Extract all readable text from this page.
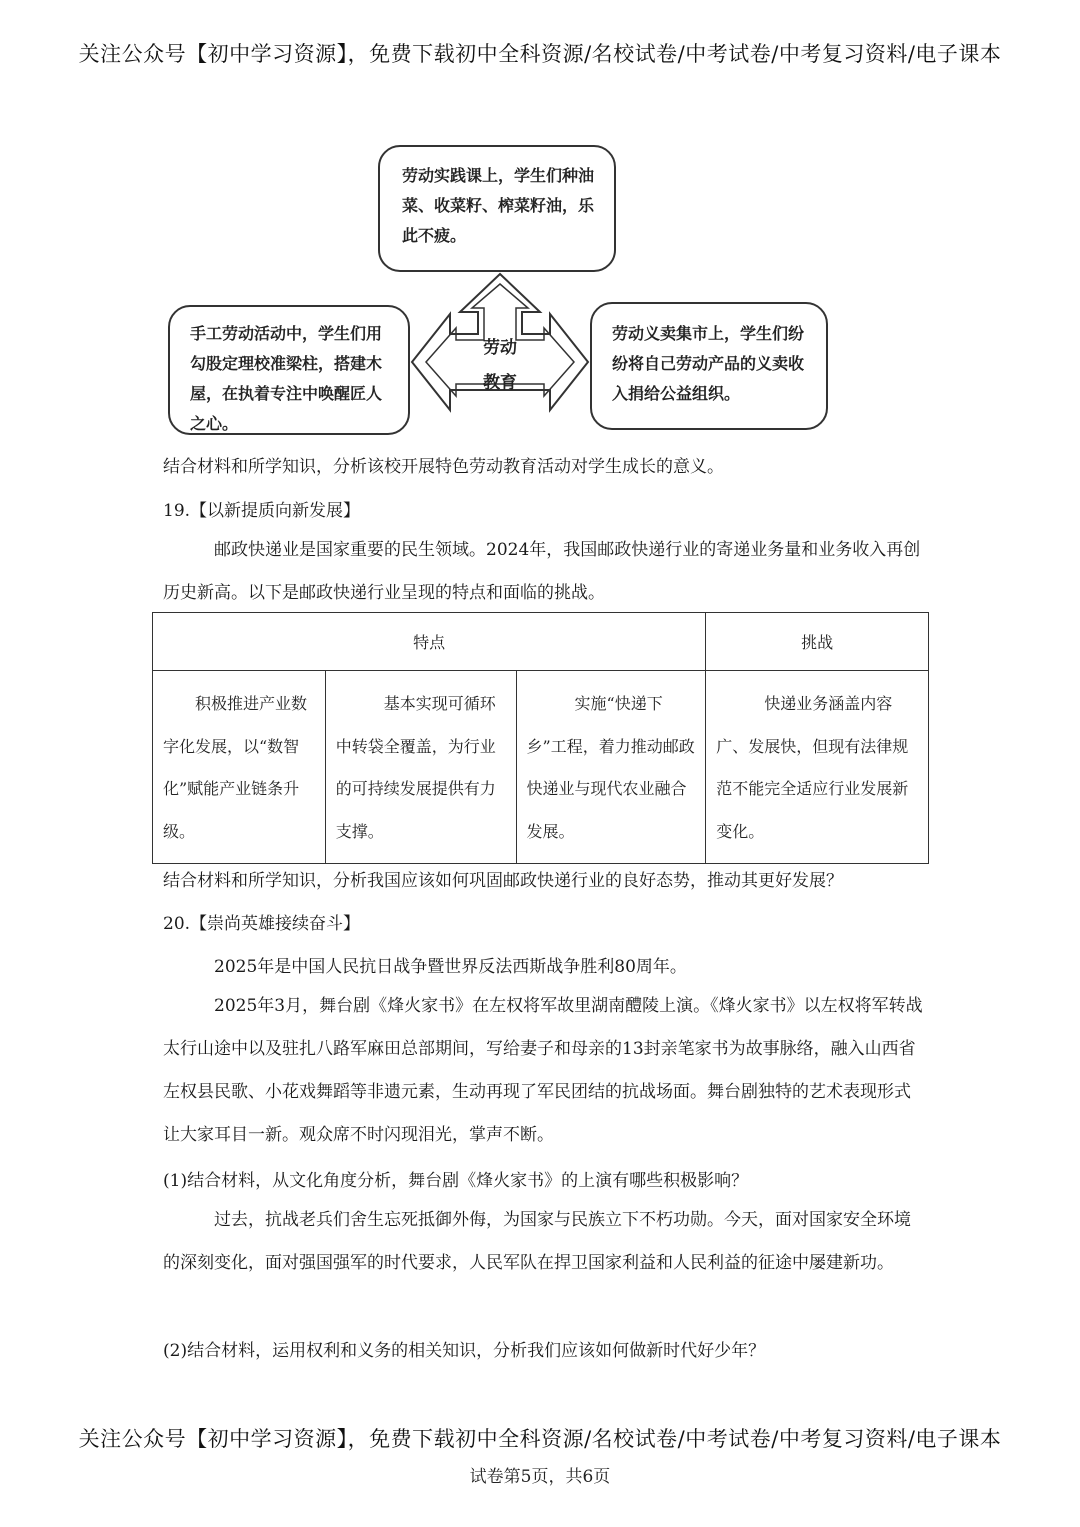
关注公众号【初中学习资源】，免费下载初中全科资源/名校试卷/中考试卷/中考复习资料/电子课本
劳动实践课上，学生们种油菜、收菜籽、榨菜籽油，乐此不疲。
手工劳动活动中，学生们用勾股定理校准梁柱，搭建木屋，在执着专注中唤醒匠人之心。
劳动义卖集市上，学生们纷纷将自己劳动产品的义卖收入捐给公益组织。
劳动
教育
结合材料和所学知识，分析该校开展特色劳动教育活动对学生成长的意义。
19.【以新提质向新发展】
邮政快递业是国家重要的民生领域。2024年，我国邮政快递行业的寄递业务量和业务收入再创历史新高。以下是邮政快递行业呈现的特点和面临的挑战。
特点			挑战
积极推进产业数字化发展，以“数智化”赋能产业链条升级。	基本实现可循环中转袋全覆盖，为行业的可持续发展提供有力支撑。	实施“快递下乡”工程，着力推动邮政快递业与现代农业融合发展。	快递业务涵盖内容广、发展快，但现有法律规范不能完全适应行业发展新变化。
结合材料和所学知识，分析我国应该如何巩固邮政快递行业的良好态势，推动其更好发展？
20.【崇尚英雄接续奋斗】
2025年是中国人民抗日战争暨世界反法西斯战争胜利80周年。
2025年3月，舞台剧《烽火家书》在左权将军故里湖南醴陵上演。《烽火家书》以左权将军转战太行山途中以及驻扎八路军麻田总部期间，写给妻子和母亲的13封亲笔家书为故事脉络，融入山西省左权县民歌、小花戏舞蹈等非遗元素，生动再现了军民团结的抗战场面。舞台剧独特的艺术表现形式让大家耳目一新。观众席不时闪现泪光，掌声不断。
(1)结合材料，从文化角度分析，舞台剧《烽火家书》的上演有哪些积极影响？
过去，抗战老兵们舍生忘死抵御外侮，为国家与民族立下不朽功勋。今天，面对国家安全环境的深刻变化，面对强国强军的时代要求，人民军队在捍卫国家利益和人民利益的征途中屡建新功。
(2)结合材料，运用权利和义务的相关知识，分析我们应该如何做新时代好少年？
关注公众号【初中学习资源】，免费下载初中全科资源/名校试卷/中考试卷/中考复习资料/电子课本
试卷第5页，共6页
